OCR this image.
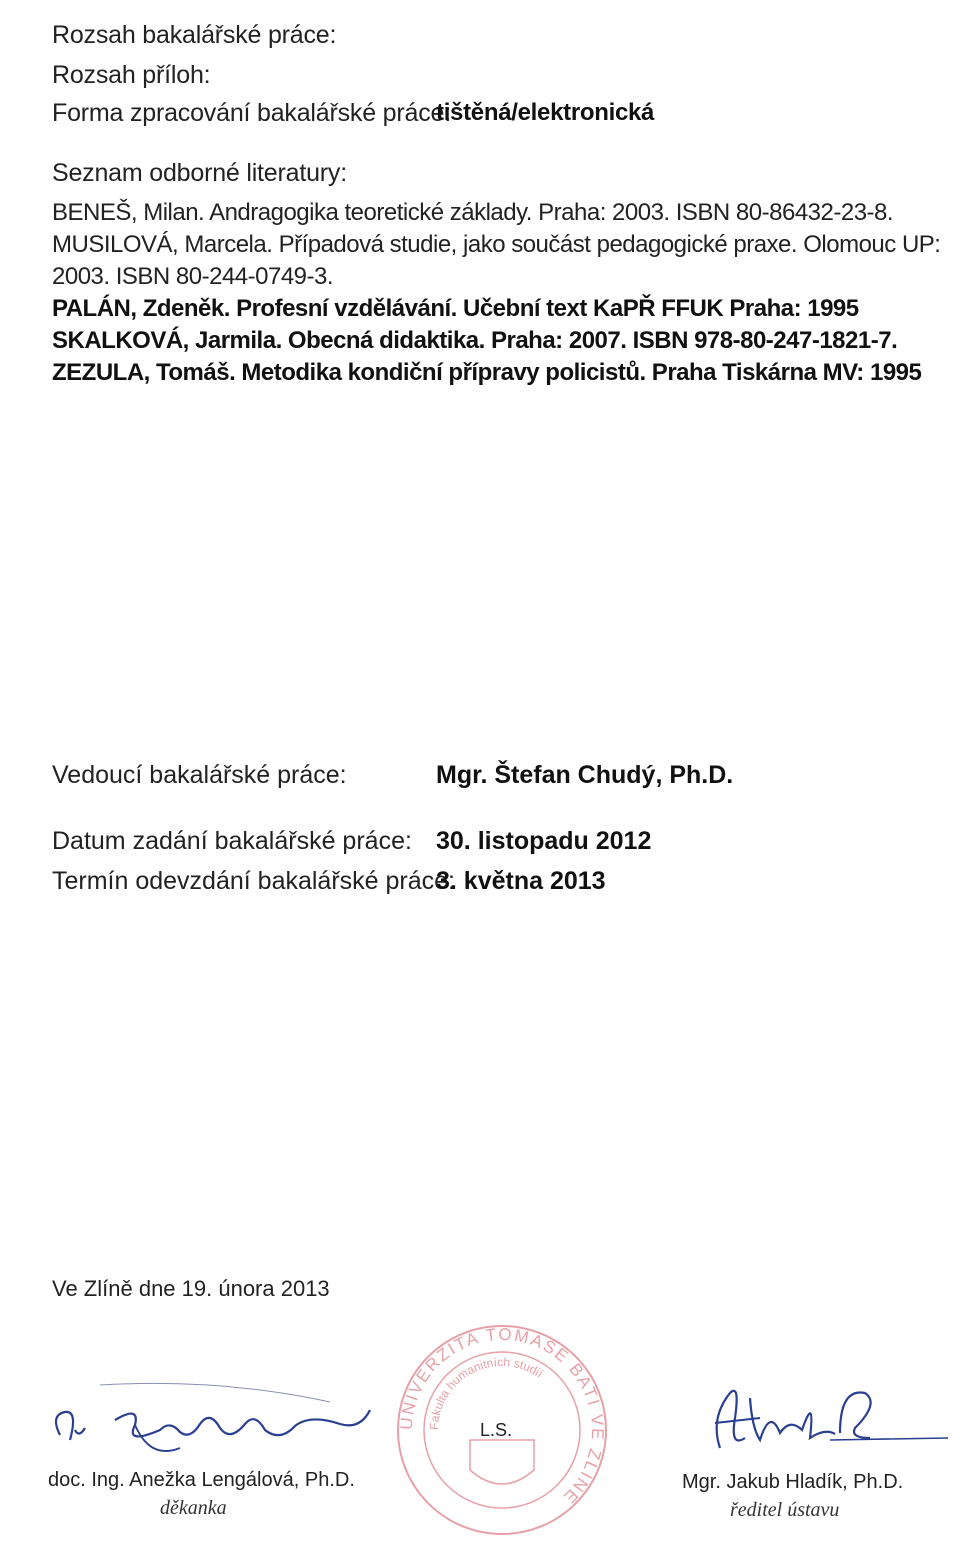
Rozsah bakalářské práce:
Rozsah příloh:
Forma zpracování bakalářské práce:
tištěná/elektronická
Seznam odborné literatury:
BENEŠ, Milan. Andragogika teoretické základy. Praha: 2003. ISBN 80-86432-23-8.
MUSILOVÁ, Marcela. Případová studie, jako součást pedagogické praxe. Olomouc UP:
2003. ISBN 80-244-0749-3.
PALÁN, Zdeněk. Profesní vzdělávání. Učební text KaPŘ FFUK Praha: 1995
SKALKOVÁ, Jarmila. Obecná didaktika. Praha: 2007. ISBN 978-80-247-1821-7.
ZEZULA, Tomáš. Metodika kondiční přípravy policistů. Praha Tiskárna MV: 1995
Vedoucí bakalářské práce:	Mgr. Štefan Chudý, Ph.D.
Datum zadání bakalářské práce: 30. listopadu 2012
Termín odevzdání bakalářské práce:
3. května 2013
Ve Zlíně dne 19. února 2013
doc. Ing. Anežka Lengálová, Ph.D.
děkanka
UNIVERZITA TOMÁŠE BATI VE ZLÍNĚ
Fakulta humanitních studií
L.S.
Mgr. Jakub Hladík, Ph.D.
ředitel ústavu
